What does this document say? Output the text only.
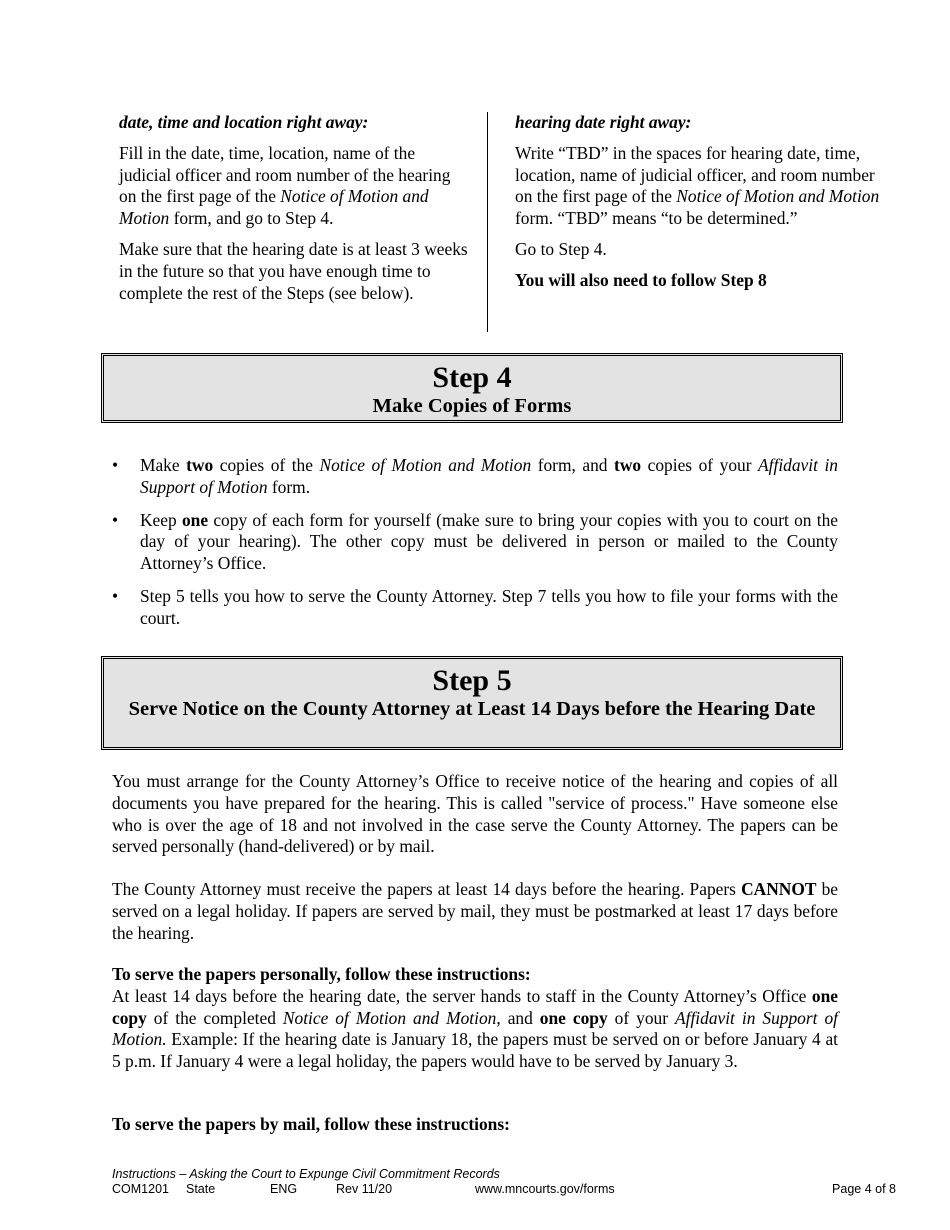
date, time and location right away:

Fill in the date, time, location, name of the judicial officer and room number of the hearing on the first page of the Notice of Motion and Motion form, and go to Step 4.

Make sure that the hearing date is at least 3 weeks in the future so that you have enough time to complete the rest of the Steps (see below).

hearing date right away:

Write “TBD” in the spaces for hearing date, time, location, name of judicial officer, and room number on the first page of the Notice of Motion and Motion form. “TBD” means “to be determined.”

Go to Step 4.

You will also need to follow Step 8

Step 4
Make Copies of Forms
• Make two copies of the Notice of Motion and Motion form, and two copies of your Affidavit in Support of Motion form.
• Keep one copy of each form for yourself (make sure to bring your copies with you to court on the day of your hearing). The other copy must be delivered in person or mailed to the County Attorney’s Office.
• Step 5 tells you how to serve the County Attorney. Step 7 tells you how to file your forms with the court.
Step 5
Serve Notice on the County Attorney at Least 14 Days before the Hearing Date

You must arrange for the County Attorney’s Office to receive notice of the hearing and copies of all documents you have prepared for the hearing. This is called "service of process." Have someone else who is over the age of 18 and not involved in the case serve the County Attorney. The papers can be served personally (hand-delivered) or by mail.

The County Attorney must receive the papers at least 14 days before the hearing. Papers CANNOT be served on a legal holiday. If papers are served by mail, they must be postmarked at least 17 days before the hearing.

To serve the papers personally, follow these instructions:

At least 14 days before the hearing date, the server hands to staff in the County Attorney’s Office one copy of the completed Notice of Motion and Motion, and one copy of your Affidavit in Support of Motion. Example: If the hearing date is January 18, the papers must be served on or before January 4 at 5 p.m. If January 4 were a legal holiday, the papers would have to be served by January 3.

To serve the papers by mail, follow these instructions:

Instructions – Asking the Court to Expunge Civil Commitment Records
COM1201 State	ENG	Rev 11/20	www.mncourts.gov/forms	Page 4 of 8
